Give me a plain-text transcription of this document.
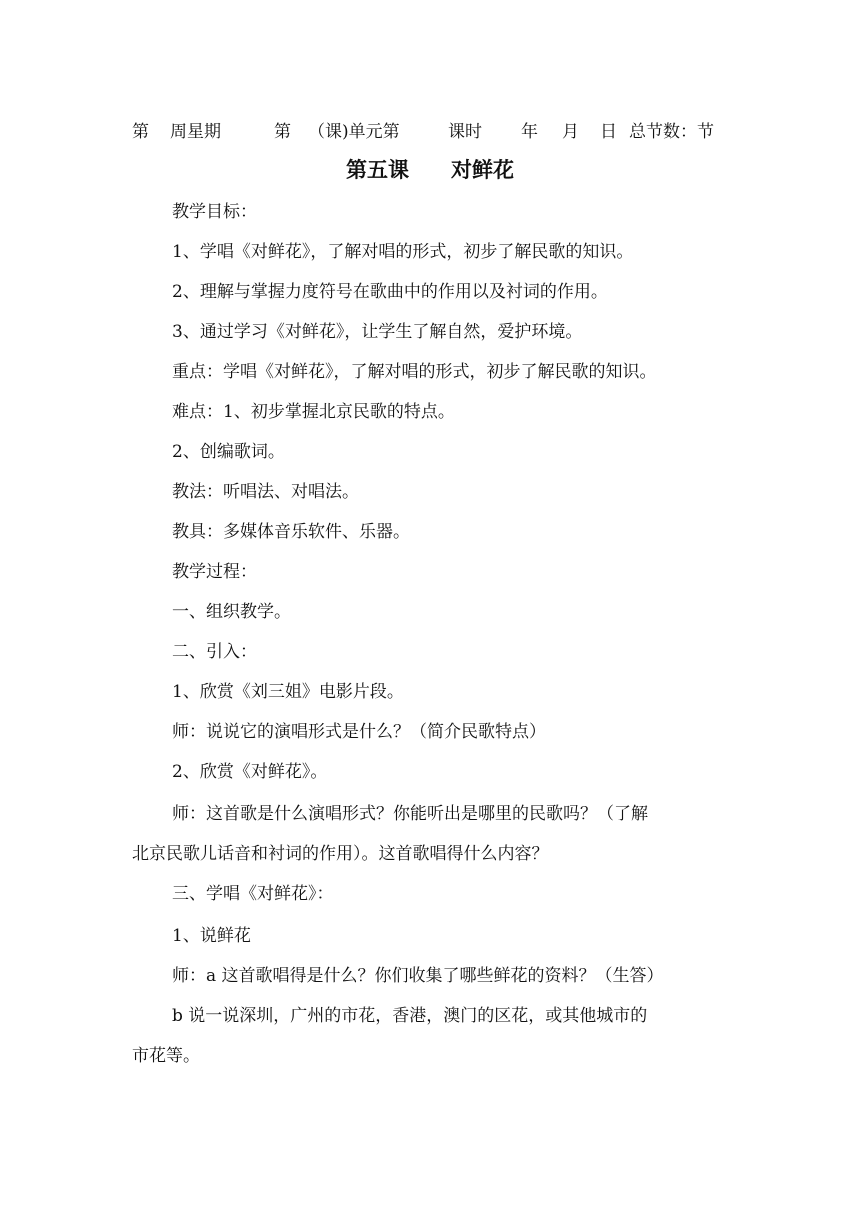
第 周星期	第 （课)单元第	课时 年 月 日 总节数：节
第五课　　对鲜花
教学目标：
1、学唱《对鲜花》，了解对唱的形式，初步了解民歌的知识。
2、理解与掌握力度符号在歌曲中的作用以及衬词的作用。
3、通过学习《对鲜花》，让学生了解自然，爱护环境。
重点：学唱《对鲜花》，了解对唱的形式，初步了解民歌的知识。
难点：1、初步掌握北京民歌的特点。
2、创编歌词。
教法：听唱法、对唱法。
教具：多媒体音乐软件、乐器。
教学过程：
一、组织教学。
二、引入：
1、欣赏《刘三姐》电影片段。
师：说说它的演唱形式是什么？（简介民歌特点）
2、欣赏《对鲜花》。
师：这首歌是什么演唱形式？你能听出是哪里的民歌吗？（了解
北京民歌儿话音和衬词的作用）。这首歌唱得什么内容？
三、学唱《对鲜花》：
1、说鲜花
师：a 这首歌唱得是什么？你们收集了哪些鲜花的资料？（生答）
b 说一说深圳，广州的市花，香港，澳门的区花，或其他城市的
市花等。
